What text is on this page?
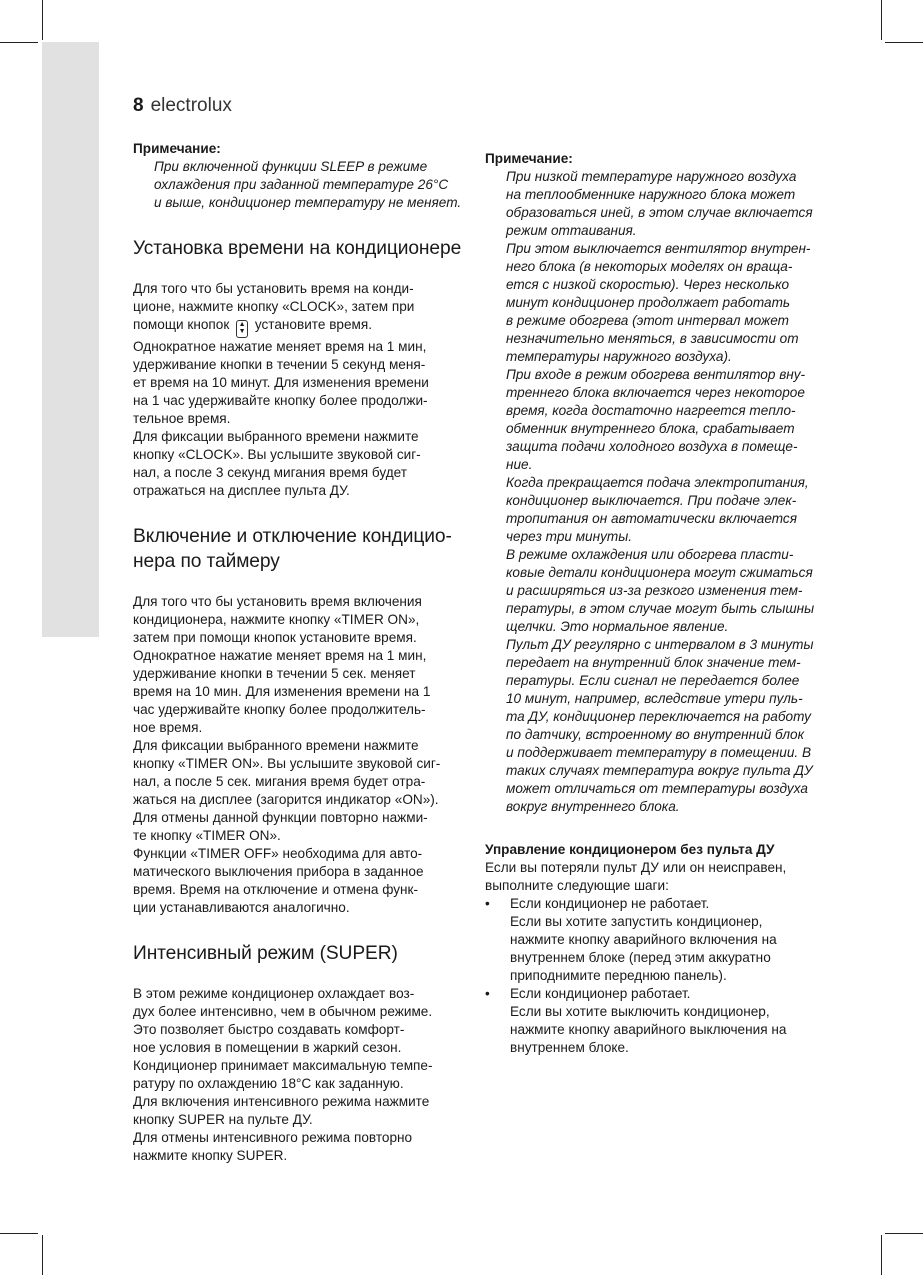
8 electrolux
Примечание:

При включенной функции SLEEP в режиме

охлаждения при заданной температуре 26°C

и выше, кондиционер температуру не меняет.

Установка времени на кондиционере

Для того что бы установить время на конди-

ционе, нажмите кнопку «CLOCK», затем при

помощи кнопок ▲
▼ установите время.

Однократное нажатие меняет время на 1 мин,

удерживание кнопки в течении 5 секунд меня-

ет время на 10 минут. Для изменения времени

на 1 час удерживайте кнопку более продолжи-

тельное время.

Для фиксации выбранного времени нажмите

кнопку «CLOCK». Вы услышите звуковой сиг-

нал, а после 3 секунд мигания время будет

отражаться на дисплее пульта ДУ.

Включение и отключение кондицио-
нера по таймеру

Для того что бы установить время включения

кондиционера, нажмите кнопку «TIMER ON»,

затем при помощи кнопок установите время.

Однократное нажатие меняет время на 1 мин,

удерживание кнопки в течении 5 сек. меняет

время на 10 мин. Для изменения времени на 1

час удерживайте кнопку более продолжитель-

ное время.

Для фиксации выбранного времени нажмите

кнопку «TIMER ON». Вы услышите звуковой сиг-

нал, а после 5 сек. мигания время будет отра-

жаться на дисплее (загорится индикатор «ON»).

Для отмены данной функции повторно нажми-

те кнопку «TIMER ON».

Функции «TIMER OFF» необходима для авто-

матического выключения прибора в заданное

время. Время на отключение и отмена функ-

ции устанавливаются аналогично.

Интенсивный режим (SUPER)

В этом режиме кондиционер охлаждает воз-

дух более интенсивно, чем в обычном режиме.

Это позволяет быстро создавать комфорт-

ное условия в помещении в жаркий сезон.

Кондиционер принимает максимальную темпе-

ратуру по охлаждению 18°C как заданную.

Для включения интенсивного режима нажмите

кнопку SUPER на пульте ДУ.

Для отмены интенсивного режима повторно

нажмите кнопку SUPER.

Примечание:

При низкой температуре наружного воздуха

на теплообменнике наружного блока может

образоваться иней, в этом случае включается

режим оттаивания.

При этом выключается вентилятор внутрен-

него блока (в некоторых моделях он враща-

ется с низкой скоростью). Через несколько

минут кондиционер продолжает работать

в режиме обогрева (этот интервал может

незначительно меняться, в зависимости от

температуры наружного воздуха).

При входе в режим обогрева вентилятор вну-

треннего блока включается через некоторое

время, когда достаточно нагреется тепло-

обменник внутреннего блока, срабатывает

защита подачи холодного воздуха в помеще-

ние.

Когда прекращается подача электропитания,

кондиционер выключается. При подаче элек-

тропитания он автоматически включается

через три минуты.

В режиме охлаждения или обогрева пласти-

ковые детали кондиционера могут сжиматься

и расширяться из-за резкого изменения тем-

пературы, в этом случае могут быть слышны

щелчки. Это нормальное явление.

Пульт ДУ регулярно с интервалом в 3 минуты

передает на внутренний блок значение тем-

пературы. Если сигнал не передается более

10 минут, например, вследствие утери пуль-

та ДУ, кондиционер переключается на работу

по датчику, встроенному во внутренний блок

и поддерживает температуру в помещении. В

таких случаях температура вокруг пульта ДУ

может отличаться от температуры воздуха

вокруг внутреннего блока.

Управление кондиционером без пульта ДУ

Если вы потеряли пульт ДУ или он неисправен,

выполните следующие шаги:

• Если кондиционер не работает.

Если вы хотите запустить кондиционер,

нажмите кнопку аварийного включения на

внутреннем блоке (перед этим аккуратно

приподнимите переднюю панель).

• Если кондиционер работает.

Если вы хотите выключить кондиционер,

нажмите кнопку аварийного выключения на

внутреннем блоке.
